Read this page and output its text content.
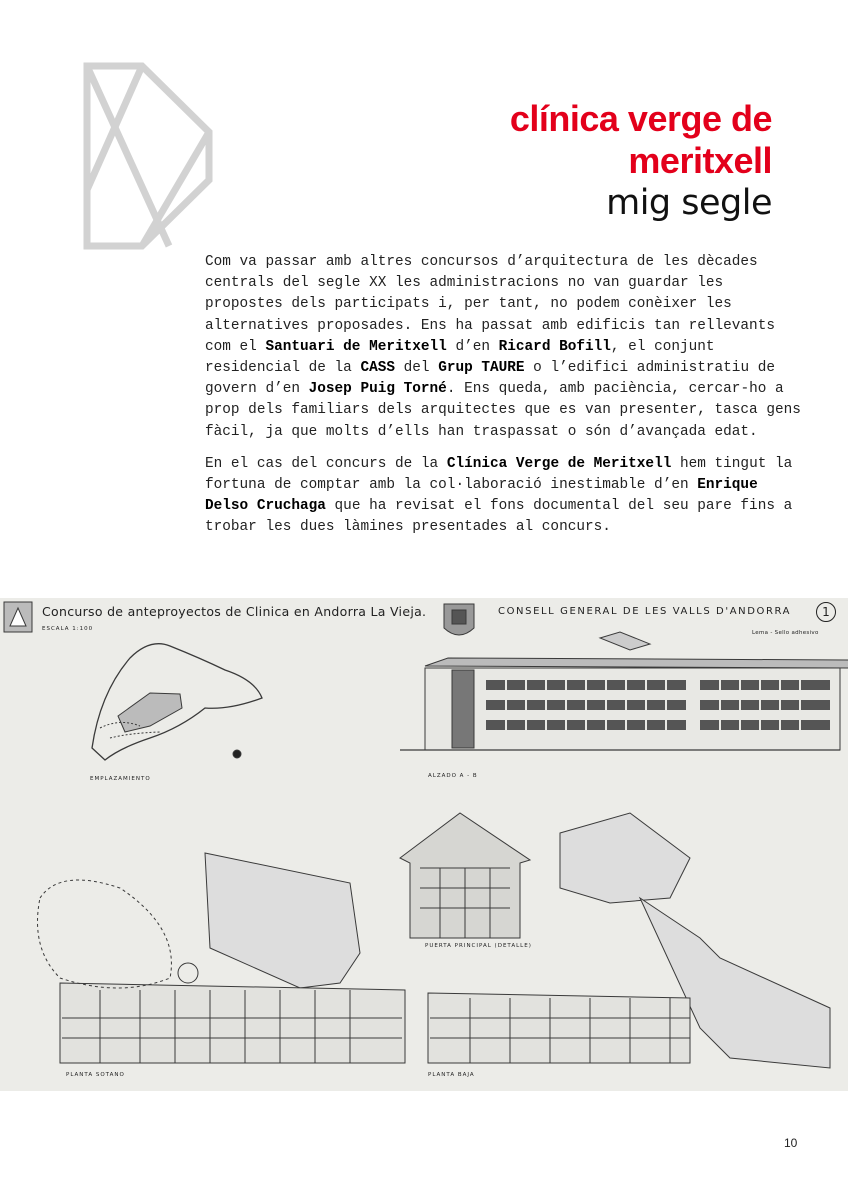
clínica verge de
meritxell
mig segle

Com va passar amb altres concursos d’arquitectura de les dècades centrals del segle XX les administracions no van guardar les propostes dels participats i, per tant, no podem conèixer les alternatives proposades. Ens ha passat amb edificis tan rellevants com el Santuari de Meritxell d’en Ricard Bofill, el conjunt residencial de la CASS del Grup TAURE o l’edifici administratiu de govern d’en Josep Puig Torné. Ens queda, amb paciència, cercar-ho a prop dels familiars dels arquitectes que es van presenter, tasca gens fàcil, ja que molts d’ells han traspassat o són d’avançada edat.

En el cas del concurs de la Clínica Verge de Meritxell hem tingut la fortuna de comptar amb la col·laboració inestimable d’en Enrique Delso Cruchaga que ha revisat el fons documental del seu pare fins a trobar les dues làmines presentades al concurs.

Concurso de anteproyectos de Clinica en Andorra La Vieja.	CONSELL GENERAL DE LES VALLS D'ANDORRA	1
ESCALA 1:100
Lema - Sello adhesivo
EMPLAZAMIENTO	ALZADO A - B
PUERTA PRINCIPAL (DETALLE)
PLANTA SOTANO	PLANTA BAJA
10
